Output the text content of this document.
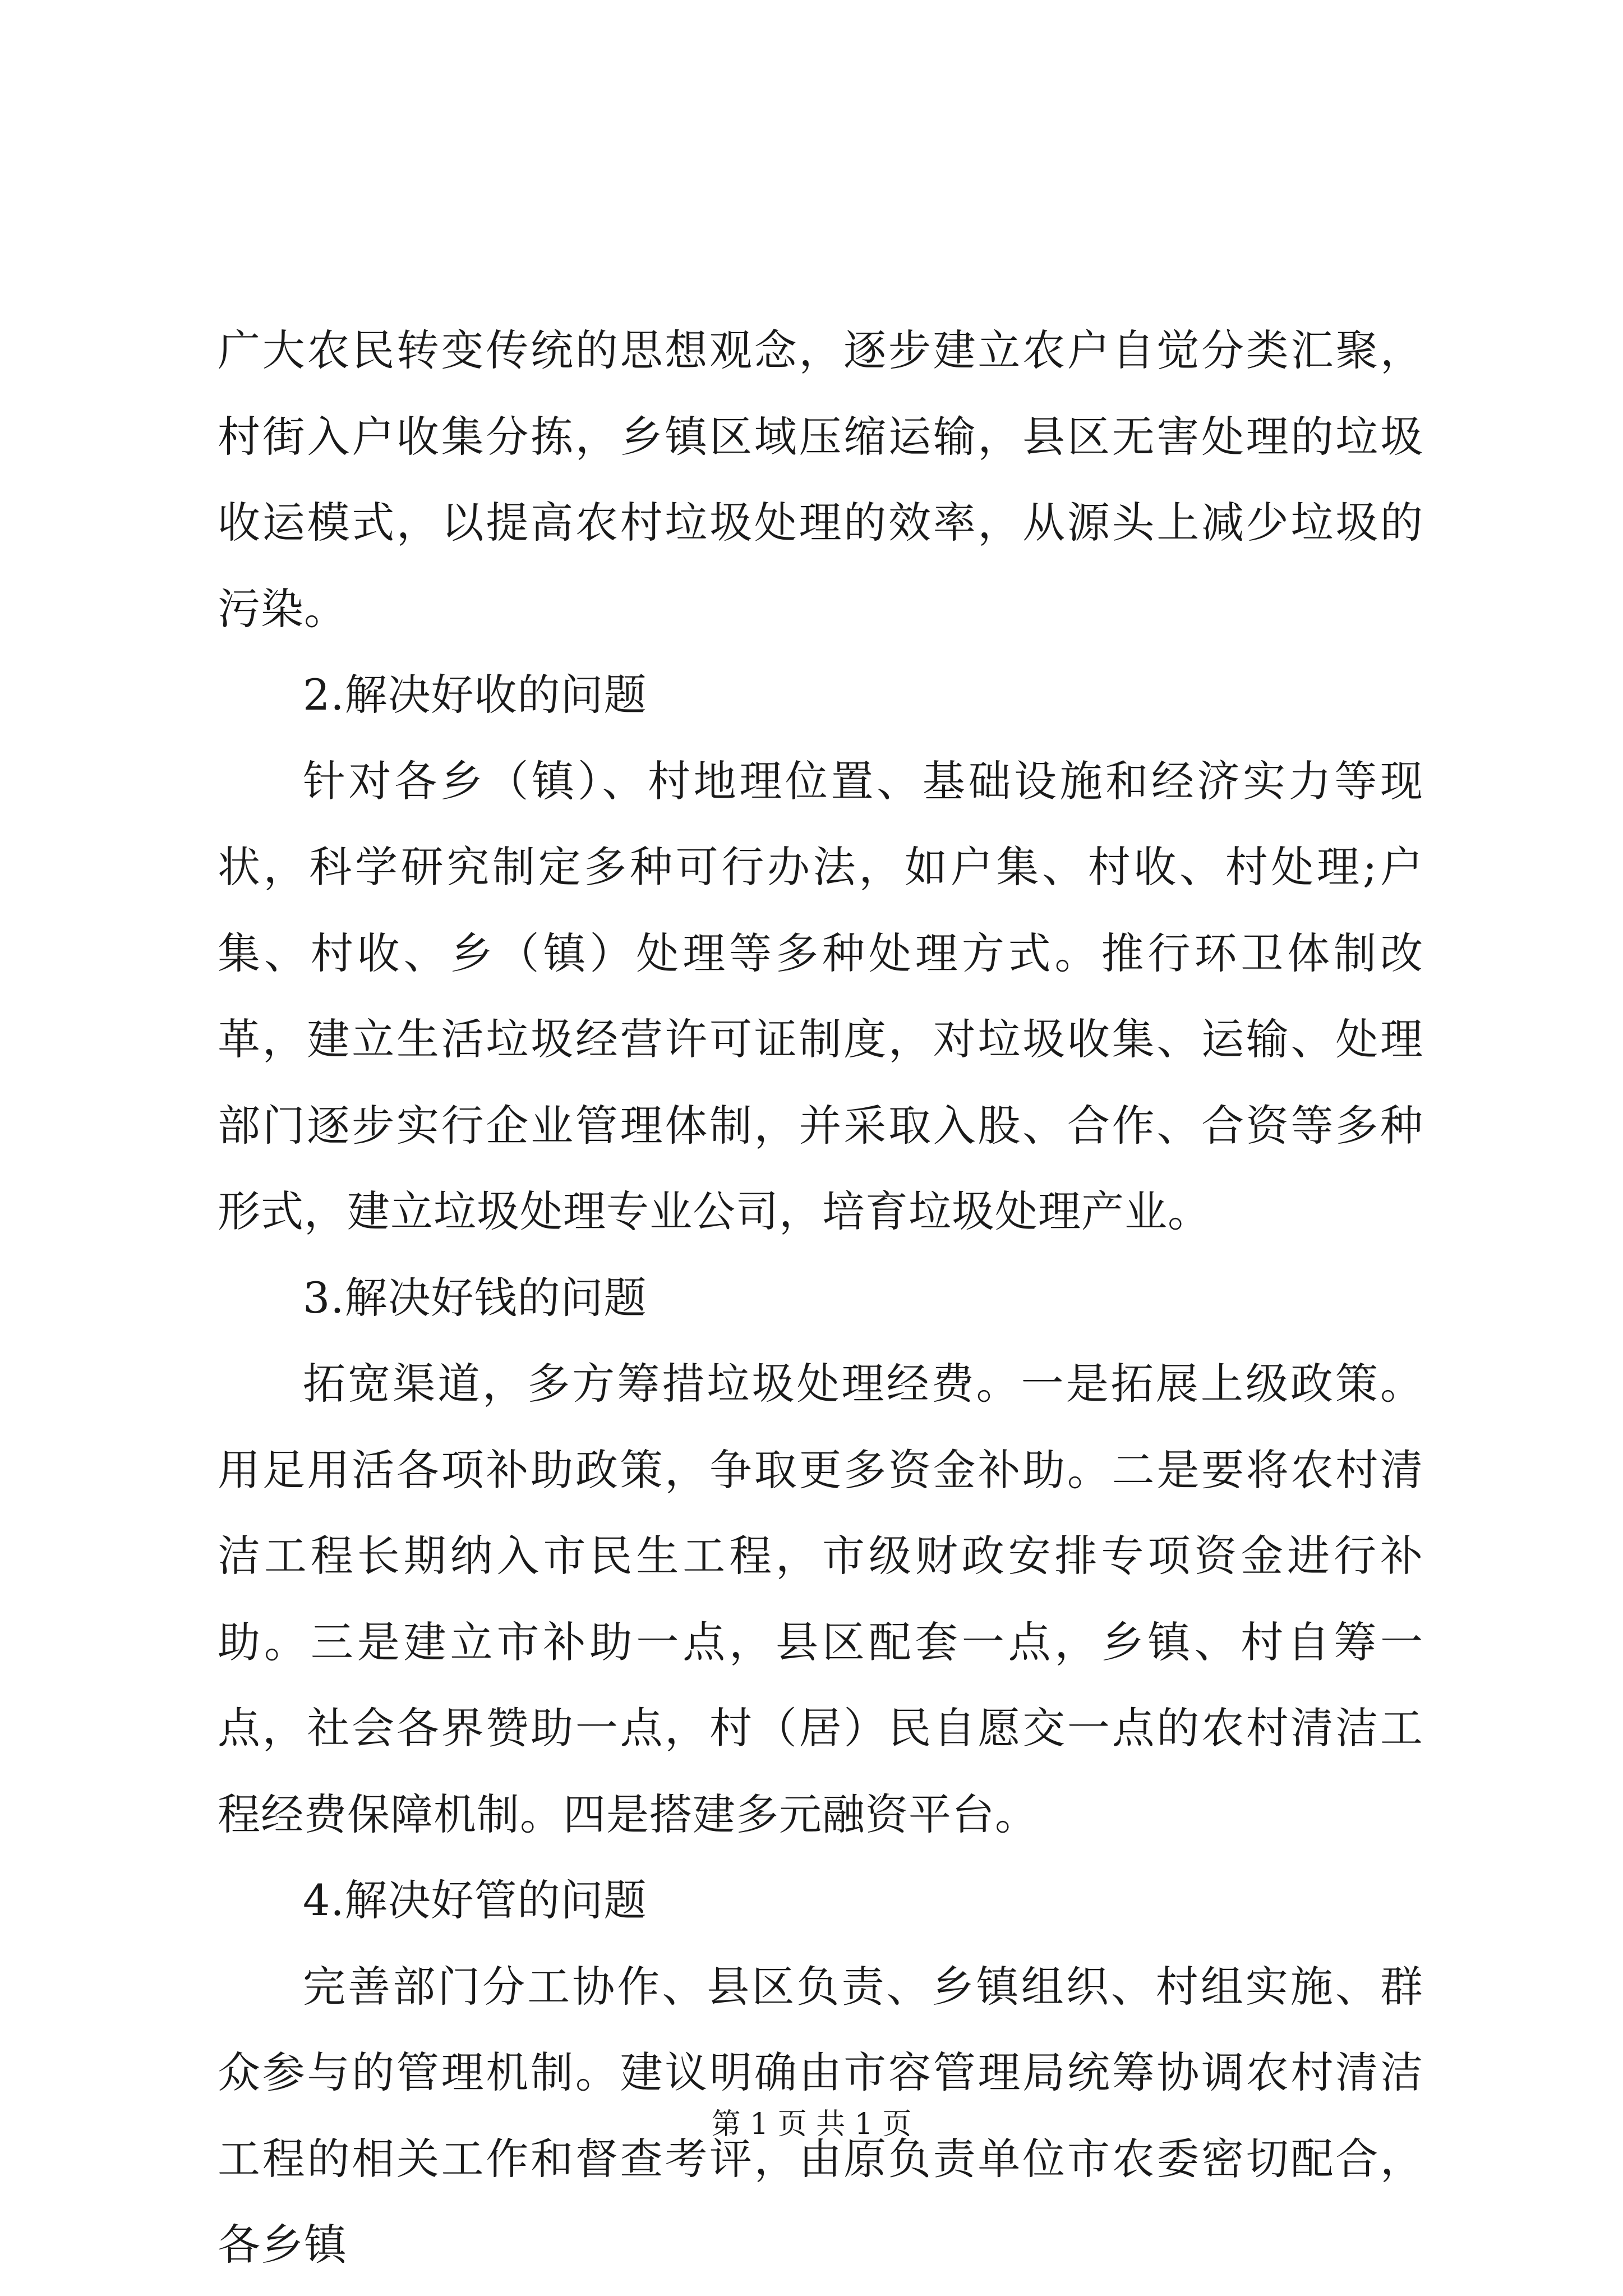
广大农民转变传统的思想观念，逐步建立农户自觉分类汇聚，村街入户收集分拣，乡镇区域压缩运输，县区无害处理的垃圾收运模式，以提高农村垃圾处理的效率，从源头上减少垃圾的污染。

2.解决好收的问题

针对各乡（镇）、村地理位置、基础设施和经济实力等现状，科学研究制定多种可行办法，如户集、村收、村处理;户集、村收、乡（镇）处理等多种处理方式。推行环卫体制改革，建立生活垃圾经营许可证制度，对垃圾收集、运输、处理部门逐步实行企业管理体制，并采取入股、合作、合资等多种形式，建立垃圾处理专业公司，培育垃圾处理产业。

3.解决好钱的问题

拓宽渠道，多方筹措垃圾处理经费。一是拓展上级政策。用足用活各项补助政策，争取更多资金补助。二是要将农村清洁工程长期纳入市民生工程，市级财政安排专项资金进行补助。三是建立市补助一点，县区配套一点，乡镇、村自筹一点，社会各界赞助一点，村（居）民自愿交一点的农村清洁工程经费保障机制。四是搭建多元融资平台。

4.解决好管的问题

完善部门分工协作、县区负责、乡镇组织、村组实施、群众参与的管理机制。建议明确由市容管理局统筹协调农村清洁工程的相关工作和督查考评，由原负责单位市农委密切配合，各乡镇

第 1 页 共 1 页
